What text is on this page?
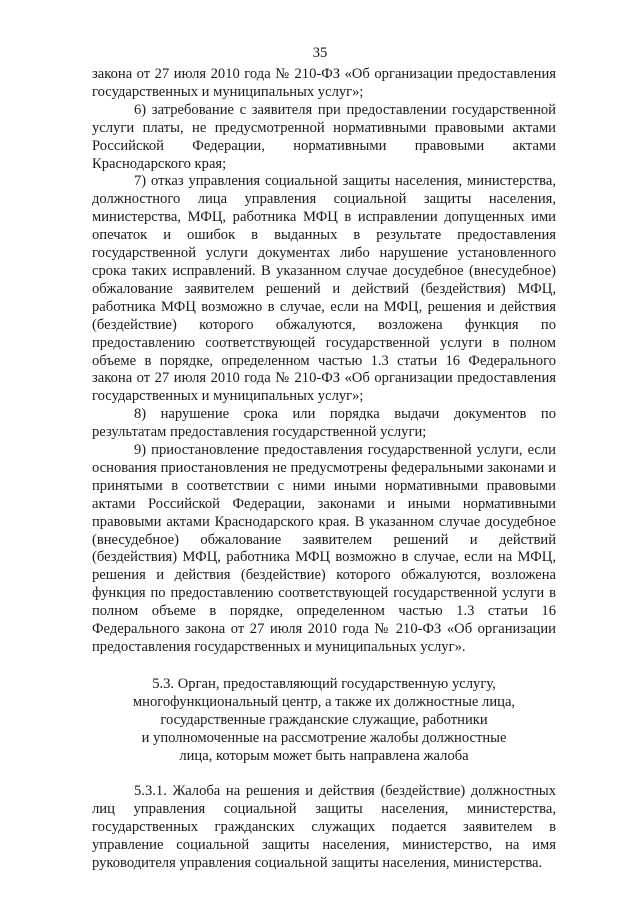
35

закона от 27 июля 2010 года № 210-ФЗ «Об организации предоставления государственных и муниципальных услуг»;

6) затребование с заявителя при предоставлении государственной услуги платы, не предусмотренной нормативными правовыми актами Российской Федерации, нормативными правовыми актами Краснодарского края;

7) отказ управления социальной защиты населения, министерства, должностного лица управления социальной защиты населения, министерства, МФЦ, работника МФЦ в исправлении допущенных ими опечаток и ошибок в выданных в результате предоставления государственной услуги документах либо нарушение установленного срока таких исправлений. В указанном случае досудебное (внесудебное) обжалование заявителем решений и действий (бездействия) МФЦ, работника МФЦ возможно в случае, если на МФЦ, решения и действия (бездействие) которого обжалуются, возложена функция по предоставлению соответствующей государственной услуги в полном объеме в порядке, определенном частью 1.3 статьи 16 Федерального закона от 27 июля 2010 года № 210-ФЗ «Об организации предоставления государственных и муниципальных услуг»;

8) нарушение срока или порядка выдачи документов по результатам предоставления государственной услуги;

9) приостановление предоставления государственной услуги, если основания приостановления не предусмотрены федеральными законами и принятыми в соответствии с ними иными нормативными правовыми актами Российской Федерации, законами и иными нормативными правовыми актами Краснодарского края. В указанном случае досудебное (внесудебное) обжалование заявителем решений и действий (бездействия) МФЦ, работника МФЦ возможно в случае, если на МФЦ, решения и действия (бездействие) которого обжалуются, возложена функция по предоставлению соответствующей государственной услуги в полном объеме в порядке, определенном частью 1.3 статьи 16 Федерального закона от 27 июля 2010 года № 210-ФЗ «Об организации предоставления государственных и муниципальных услуг».

5.3. Орган, предоставляющий государственную услугу,
многофункциональный центр, а также их должностные лица,
государственные гражданские служащие, работники
и уполномоченные на рассмотрение жалобы должностные
лица, которым может быть направлена жалоба

5.3.1. Жалоба на решения и действия (бездействие) должностных лиц управления социальной защиты населения, министерства, государственных гражданских служащих подается заявителем в управление социальной защиты населения, министерство, на имя руководителя управления социальной защиты населения, министерства.
